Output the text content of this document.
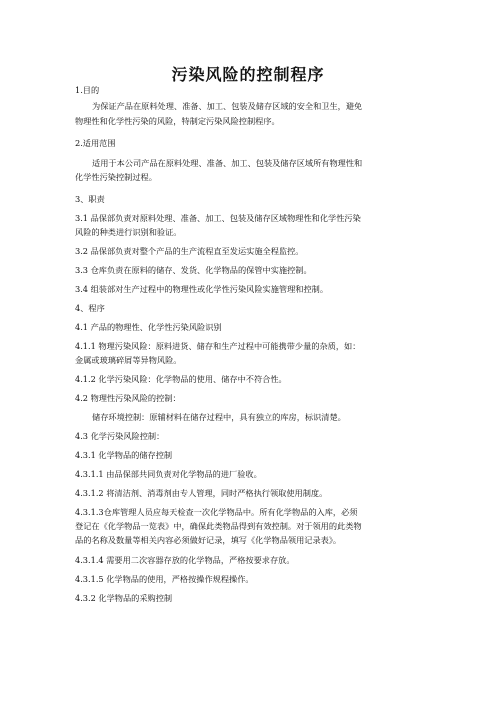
污染风险的控制程序
1.目的
为保证产品在原料处理、准备、加工、包装及储存区域的安全和卫生，避免
物理性和化学性污染的风险，特制定污染风险控制程序。
2.适用范围
适用于本公司产品在原料处理、准备、加工、包装及储存区域所有物理性和
化学性污染控制过程。
3、职责
3.1 品保部负责对原料处理、准备、加工、包装及储存区域物理性和化学性污染
风险的种类进行识别和验证。
3.2 品保部负责对整个产品的生产流程直至发运实施全程监控。
3.3 仓库负责在原料的储存、发货、化学物品的保管中实施控制。
3.4 组装部对生产过程中的物理性或化学性污染风险实施管理和控制。
4、程序
4.1 产品的物理性、化学性污染风险识别
4.1.1 物理污染风险：原料进货、储存和生产过程中可能携带少量的杂质，如：
金属或玻璃碎屑等异物风险。
4.1.2 化学污染风险：化学物品的使用、储存中不符合性。
4.2 物理性污染风险的控制：
储存环境控制：原辅材料在储存过程中，具有独立的库房，标识清楚。
4.3 化学污染风险控制：
4.3.1 化学物品的储存控制
4.3.1.1 由品保部共同负责对化学物品的进厂验收。
4.3.1.2 将清洁剂、消毒剂由专人管理，同时严格执行领取使用制度。
4.3.1.3仓库管理人员应每天检查一次化学物品中。所有化学物品的入库，必须
登记在《化学物品一览表》中，确保此类物品得到有效控制。对于领用的此类物
品的名称及数量等相关内容必须做好记录，填写《化学物品领用记录表》。
4.3.1.4 需要用二次容器存放的化学物品，严格按要求存放。
4.3.1.5 化学物品的使用，严格按操作规程操作。
4.3.2 化学物品的采购控制
